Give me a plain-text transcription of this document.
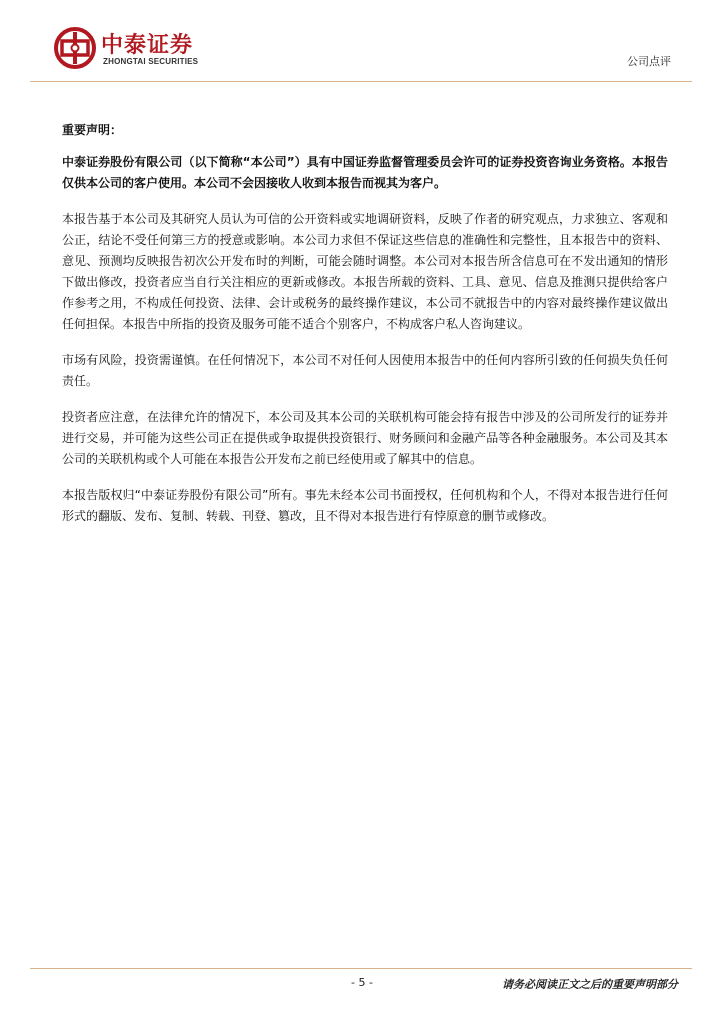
中泰证券
ZHONGTAI SECURITIES	公司点评
重要声明：

中泰证券股份有限公司（以下简称“本公司”）具有中国证券监督管理委员会许可的证券投资咨询业务资格。本报告仅供本公司的客户使用。本公司不会因接收人收到本报告而视其为客户。

本报告基于本公司及其研究人员认为可信的公开资料或实地调研资料，反映了作者的研究观点，力求独立、客观和公正，结论不受任何第三方的授意或影响。本公司力求但不保证这些信息的准确性和完整性，且本报告中的资料、意见、预测均反映报告初次公开发布时的判断，可能会随时调整。本公司对本报告所含信息可在不发出通知的情形下做出修改，投资者应当自行关注相应的更新或修改。本报告所载的资料、工具、意见、信息及推测只提供给客户作参考之用，不构成任何投资、法律、会计或税务的最终操作建议，本公司不就报告中的内容对最终操作建议做出任何担保。本报告中所指的投资及服务可能不适合个别客户，不构成客户私人咨询建议。

市场有风险，投资需谨慎。在任何情况下，本公司不对任何人因使用本报告中的任何内容所引致的任何损失负任何责任。

投资者应注意，在法律允许的情况下，本公司及其本公司的关联机构可能会持有报告中涉及的公司所发行的证券并进行交易，并可能为这些公司正在提供或争取提供投资银行、财务顾问和金融产品等各种金融服务。本公司及其本公司的关联机构或个人可能在本报告公开发布之前已经使用或了解其中的信息。

本报告版权归“中泰证券股份有限公司”所有。事先未经本公司书面授权，任何机构和个人，不得对本报告进行任何形式的翻版、发布、复制、转载、刊登、篡改，且不得对本报告进行有悖原意的删节或修改。

- 5 -	请务必阅读正文之后的重要声明部分
